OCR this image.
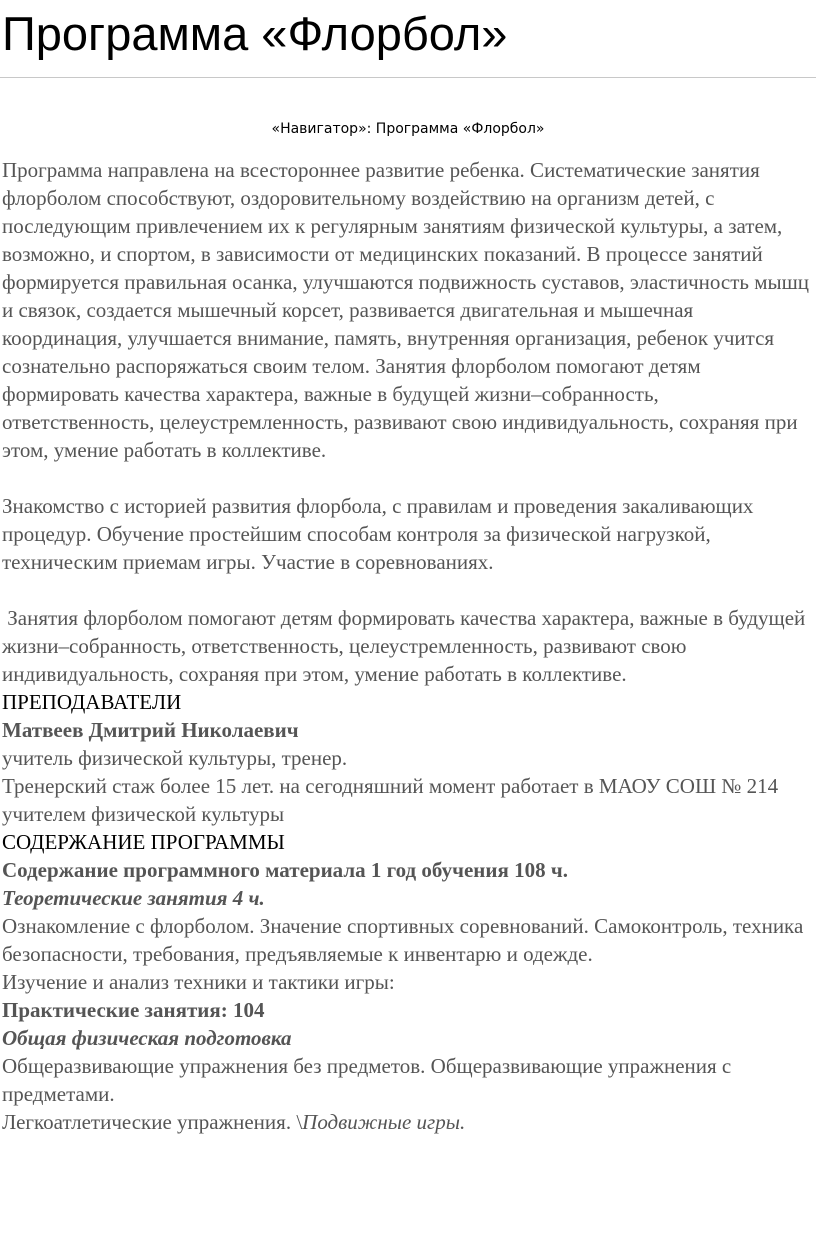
Программа «Флорбол»
«Навигатор»: Программа «Флорбол»

Программа направлена на всестороннее развитие ребенка. Систематические занятия флорболом способствуют, оздоровительному воздействию на организм детей, с последующим привлечением их к регулярным занятиям физической культуры, а затем, возможно, и спортом, в зависимости от медицинских показаний. В процессе занятий формируется правильная осанка, улучшаются подвижность суставов, эластичность мышц и связок, создается мышечный корсет, развивается двигательная и мышечная координация, улучшается внимание, память, внутренняя организация, ребенок учится сознательно распоряжаться своим телом. Занятия флорболом помогают детям формировать качества характера, важные в будущей жизни–собранность, ответственность, целеустремленность, развивают свою индивидуальность, сохраняя при этом, умение работать в коллективе.

Знакомство с историей развития флорбола, с правилам и проведения закаливающих процедур. Обучение простейшим способам контроля за физической нагрузкой, техническим приемам игры. Участие в соревнованиях.

Занятия флорболом помогают детям формировать качества характера, важные в будущей жизни–собранность, ответственность, целеустремленность, развивают свою индивидуальность, сохраняя при этом, умение работать в коллективе.

ПРЕПОДАВАТЕЛИ

Матвеев Дмитрий Николаевич

учитель физической культуры, тренер.

Тренерский стаж более 15 лет. на сегодняшний момент работает в МАОУ СОШ № 214 учителем физической культуры

СОДЕРЖАНИЕ ПРОГРАММЫ

Содержание программного материала 1 год обучения 108 ч.

Теоретические занятия 4 ч.

Ознакомление с флорболом. Значение спортивных соревнований. Самоконтроль, техника безопасности, требования, предъявляемые к инвентарю и одежде.

Изучение и анализ техники и тактики игры:

Практические занятия: 104

Общая физическая подготовка

Общеразвивающие упражнения без предметов. Общеразвивающие упражнения с предметами.

Легкоатлетические упражнения. \Подвижные игры.
